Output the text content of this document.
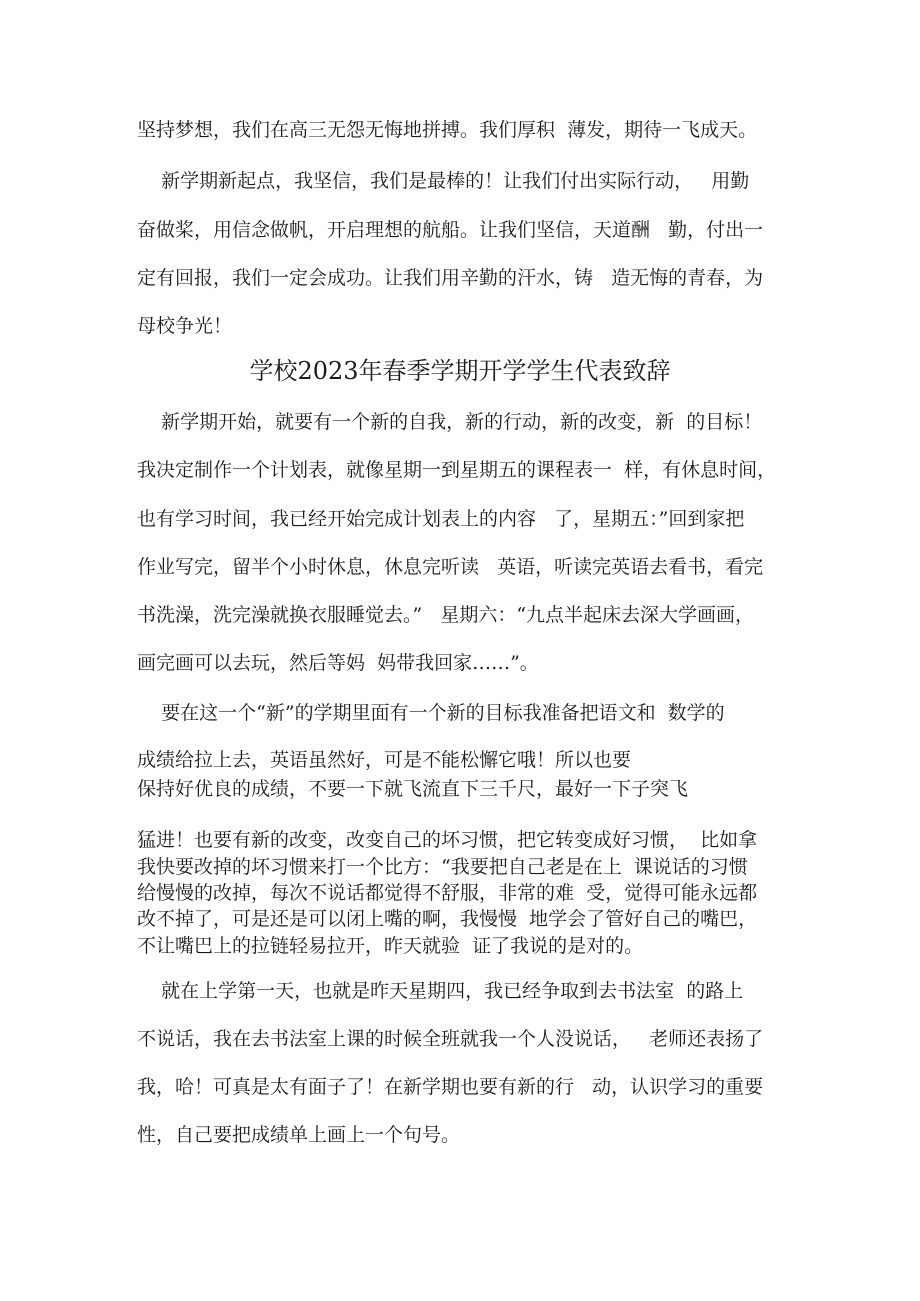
坚持梦想，我们在高三无怨无悔地拼搏。我们厚积  薄发，期待一飞成天。
新学期新起点，我坚信，我们是最棒的！让我们付出实际行动，   用勤
奋做桨，用信念做帆，开启理想的航船。让我们坚信，天道酬   勤，付出一
定有回报，我们一定会成功。让我们用辛勤的汗水，铸   造无悔的青春，为
母校争光！
学校2023年春季学期开学学生代表致辞
新学期开始，就要有一个新的自我，新的行动，新的改变，新  的目标！
我决定制作一个计划表，就像星期一到星期五的课程表一  样，有休息时间，
也有学习时间，我已经开始完成计划表上的内容   了，星期五：”回到家把
作业写完，留半个小时休息，休息完听读   英语，听读完英语去看书，看完
书洗澡，洗完澡就换衣服睡觉去。”   星期六：“九点半起床去深大学画画，
画完画可以去玩，然后等妈  妈带我回家……”。
要在这一个“新”的学期里面有一个新的目标我准备把语文和  数学的
成绩给拉上去，英语虽然好，可是不能松懈它哦！所以也要
保持好优良的成绩，不要一下就飞流直下三千尺，最好一下子突飞
猛进！也要有新的改变，改变自己的坏习惯，把它转变成好习惯，  比如拿
我快要改掉的坏习惯来打一个比方：“我要把自己老是在上  课说话的习惯
给慢慢的改掉，每次不说话都觉得不舒服，非常的难  受，觉得可能永远都
改不掉了，可是还是可以闭上嘴的啊，我慢慢  地学会了管好自己的嘴巴，
不让嘴巴上的拉链轻易拉开，昨天就验  证了我说的是对的。
就在上学第一天，也就是昨天星期四，我已经争取到去书法室  的路上
不说话，我在去书法室上课的时候全班就我一个人没说话，   老师还表扬了
我，哈！可真是太有面子了！在新学期也要有新的行   动，认识学习的重要
性，自己要把成绩单上画上一个句号。
